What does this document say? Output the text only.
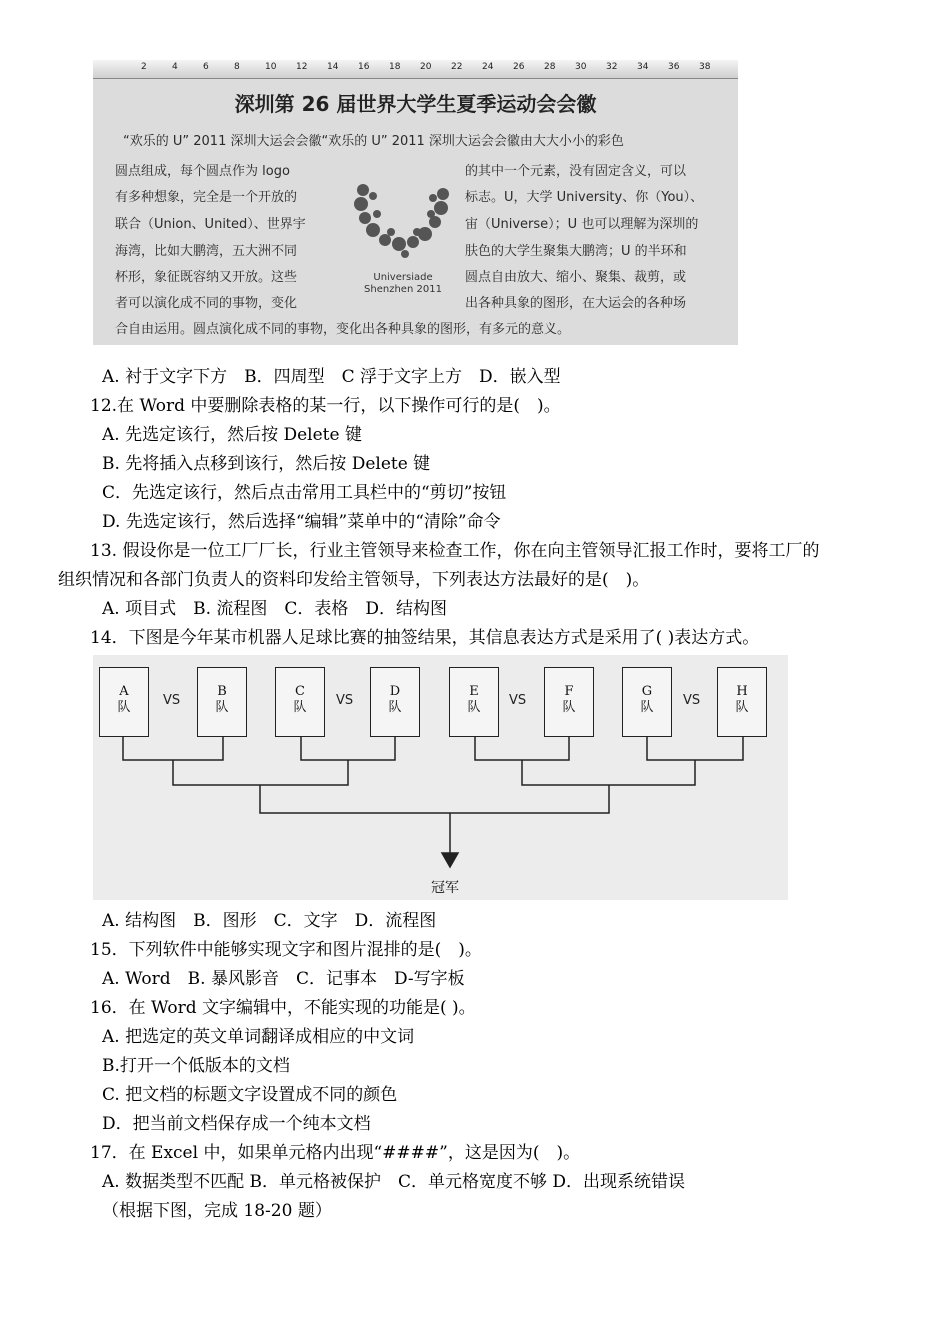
2	4	6	8	10 12 14 16 18 20 22 24 26 28 30 32 34 36 38
深圳第 26 届世界大学生夏季运动会会徽
“欢乐的 U” 2011 深圳大运会会徽“欢乐的 U” 2011 深圳大运会会徽由大大小小的彩色
圆点组成，每个圆点作为 logo
有多种想象，完全是一个开放的
联合（Union、United）、世界宇
海湾，比如大鹏湾，五大洲不同
杯形，象征既容纳又开放。这些
者可以演化成不同的事物，变化
合自由运用。圆点演化成不同的事物，变化出各种具象的图形，有多元的意义。
的其中一个元素，没有固定含义，可以
标志。U，大学 University、你（You）、
宙（Universe）；U 也可以理解为深圳的
肤色的大学生聚集大鹏湾；U 的半环和
圆点自由放大、缩小、聚集、裁剪，或
出各种具象的图形，在大运会的各种场
Universiade
Shenzhen 2011
A. 衬于文字下方　B．四周型　C 浮于文字上方　D．嵌入型
12.在 Word 中要删除表格的某一行，以下操作可行的是(　)。
A. 先选定该行，然后按 Delete 键
B. 先将插入点移到该行，然后按 Delete 键
C．先选定该行，然后点击常用工具栏中的“剪切”按钮
D. 先选定该行，然后选择“编辑”菜单中的“清除”命令
13. 假设你是一位工厂厂长，行业主管领导来检查工作，你在向主管领导汇报工作时，要将工厂的
组织情况和各部门负责人的资料印发给主管领导，下列表达方法最好的是(　)。
A. 项目式　B. 流程图　C．表格　D．结构图
14．下图是今年某市机器人足球比赛的抽签结果，其信息表达方式是采用了( )表达方式。
A
队	VS
B
队
C
队	VS
D
队
E
队	VS
F
队
G
队	VS
H
队
冠军
A. 结构图　B．图形　C．文字　D．流程图
15．下列软件中能够实现文字和图片混排的是(　)。
A. Word　B. 暴风影音　C．记事本　D-写字板
16．在 Word 文字编辑中，不能实现的功能是( )。
A. 把选定的英文单词翻译成相应的中文词
B.打开一个低版本的文档
C. 把文档的标题文字设置成不同的颜色
D．把当前文档保存成一个纯本文档
17．在 Excel 中，如果单元格内出现“####”，这是因为(　)。
A. 数据类型不匹配 B．单元格被保护　C．单元格宽度不够 D．出现系统错误
（根据下图，完成 18-20 题）
